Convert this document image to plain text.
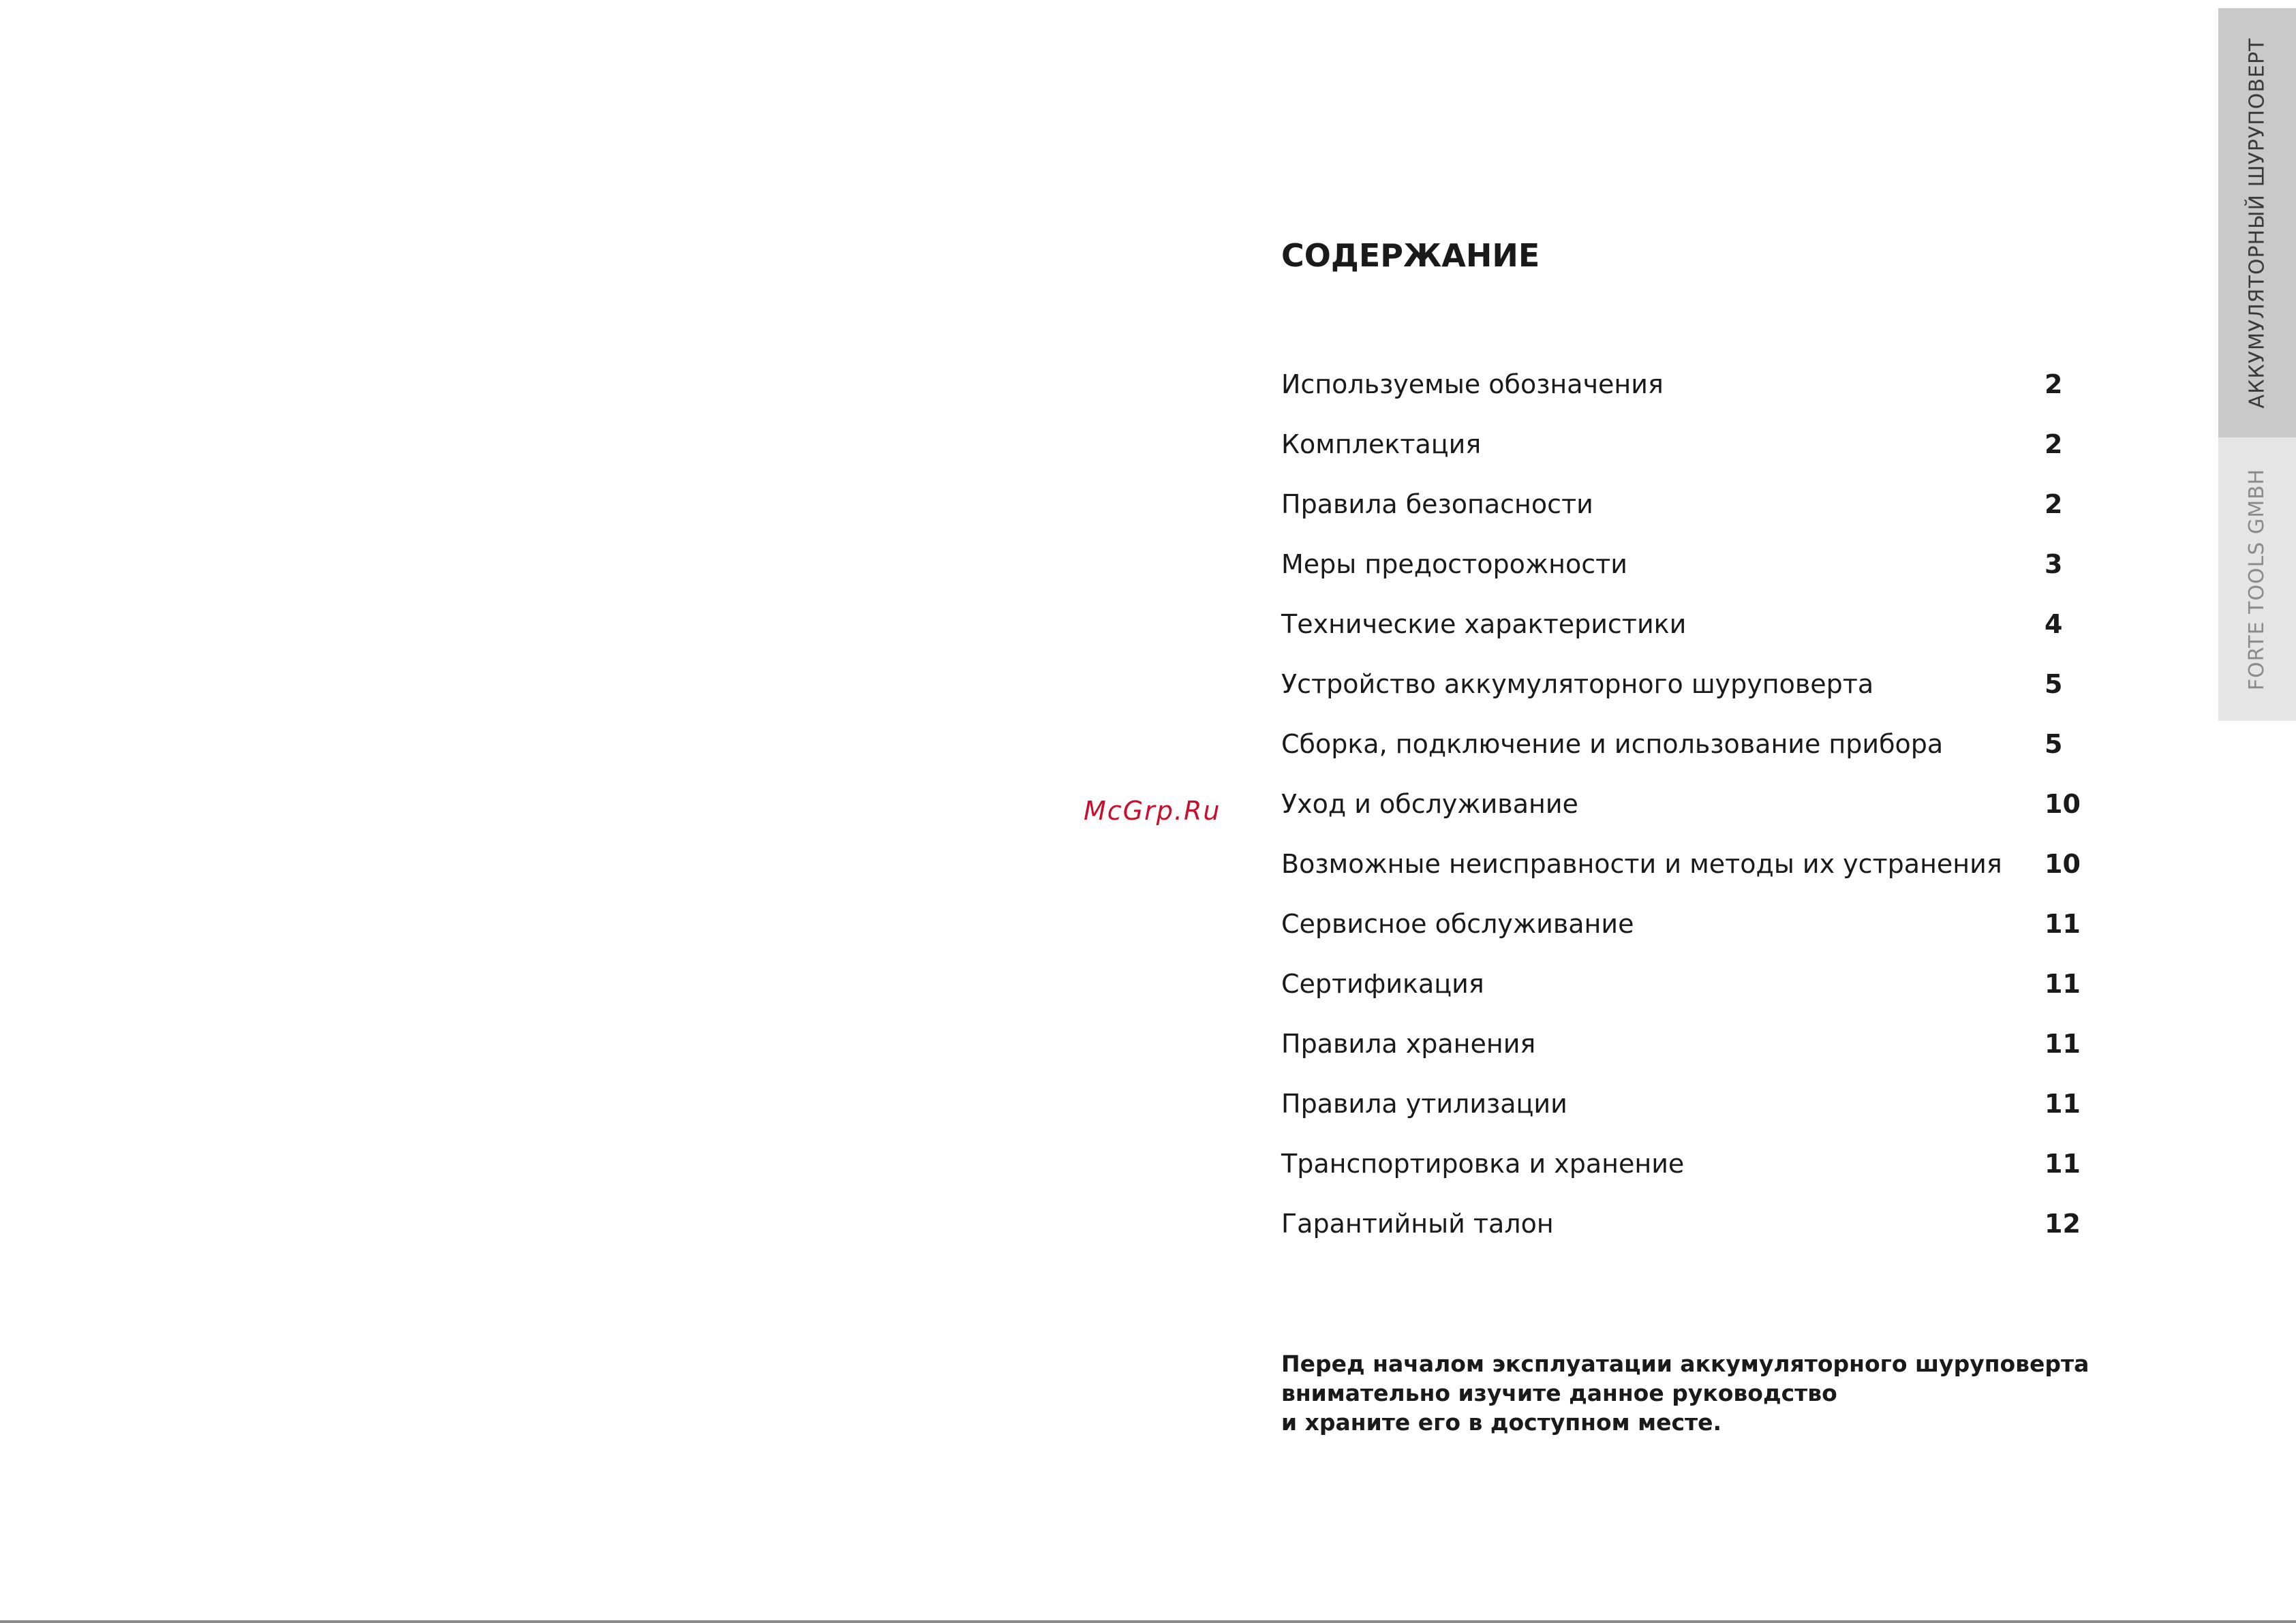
McGrp.Ru
СОДЕРЖАНИЕ
Используемые обозначения	2
Комплектация	2
Правила безопасности	2
Меры предосторожности	3
Технические характеристики	4
Устройство аккумуляторного шуруповерта	5
Сборка, подключение и использование прибора	5
Уход и обслуживание	10
Возможные неисправности и методы их устранения 10
Сервисное обслуживание	11
Сертификация	11
Правила хранения	11
Правила утилизации	11
Транспортировка и хранение	11
Гарантийный талон	12

Перед началом эксплуатации аккумуляторного шуруповерта
внимательно изучите данное руководство
и храните его в доступном месте.

АККУМУЛЯТОРНЫЙ ШУРУПОВЕРТ
FORTE TOOLS GMBH
